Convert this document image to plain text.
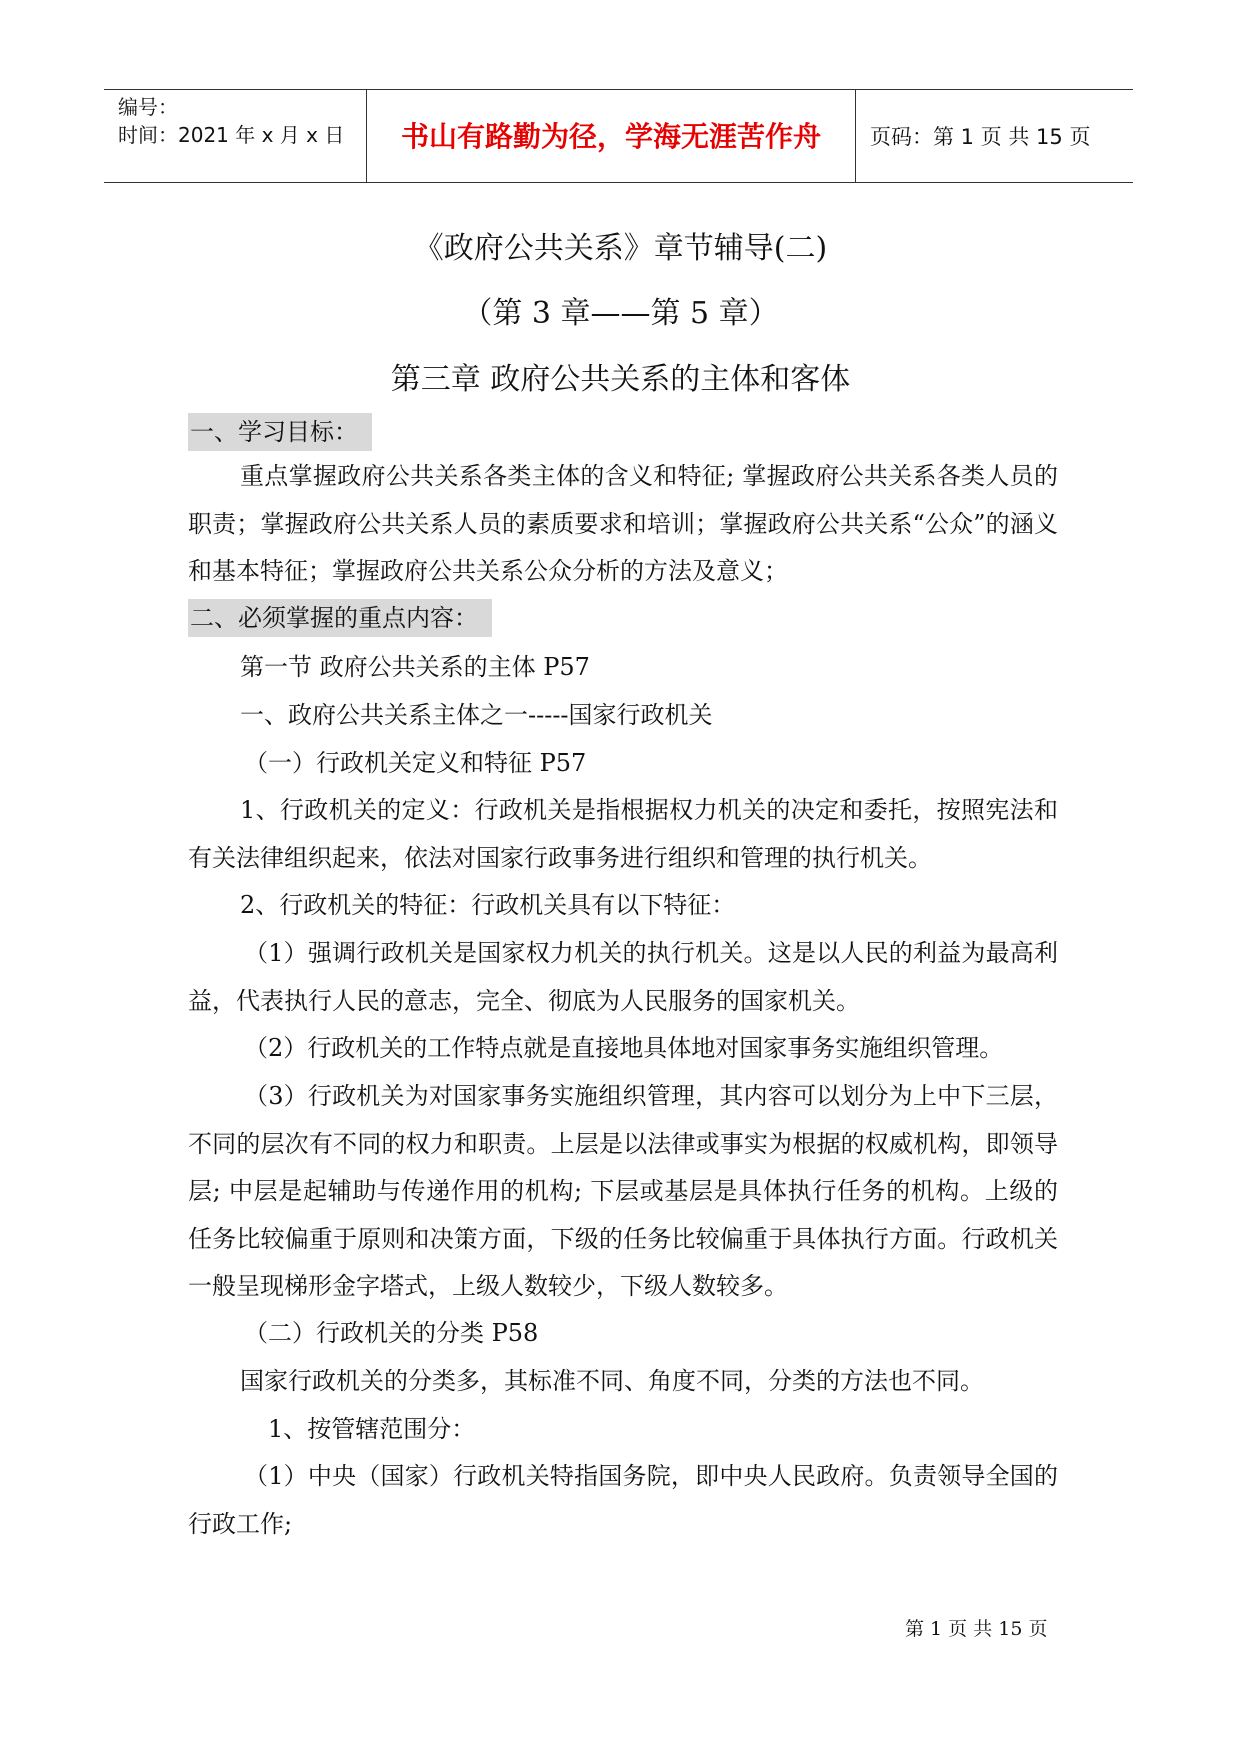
编号：
时间：2021 年 x 月 x 日	书山有路勤为径，学海无涯苦作舟	页码：第 1 页 共 15 页
《政府公共关系》章节辅导(二)
（第 3 章——第 5 章）
第三章 政府公共关系的主体和客体
一、学习目标：
重点掌握政府公共关系各类主体的含义和特征; 掌握政府公共关系各类人员的职责；掌握政府公共关系人员的素质要求和培训；掌握政府公共关系“公众”的涵义和基本特征；掌握政府公共关系公众分析的方法及意义；
二、必须掌握的重点内容：
第一节 政府公共关系的主体 P57
一、政府公共关系主体之一-----国家行政机关
（一）行政机关定义和特征 P57
1、行政机关的定义：行政机关是指根据权力机关的决定和委托，按照宪法和有关法律组织起来，依法对国家行政事务进行组织和管理的执行机关。
2、行政机关的特征：行政机关具有以下特征：
（1）强调行政机关是国家权力机关的执行机关。这是以人民的利益为最高利益，代表执行人民的意志，完全、彻底为人民服务的国家机关。
（2）行政机关的工作特点就是直接地具体地对国家事务实施组织管理。
（3）行政机关为对国家事务实施组织管理，其内容可以划分为上中下三层，不同的层次有不同的权力和职责。上层是以法律或事实为根据的权威机构，即领导层; 中层是起辅助与传递作用的机构; 下层或基层是具体执行任务的机构。上级的任务比较偏重于原则和决策方面，下级的任务比较偏重于具体执行方面。行政机关一般呈现梯形金字塔式，上级人数较少，下级人数较多。
（二）行政机关的分类 P58
国家行政机关的分类多，其标准不同、角度不同，分类的方法也不同。
1、按管辖范围分：
（1）中央（国家）行政机关特指国务院，即中央人民政府。负责领导全国的行政工作;
第 1 页 共 15 页
